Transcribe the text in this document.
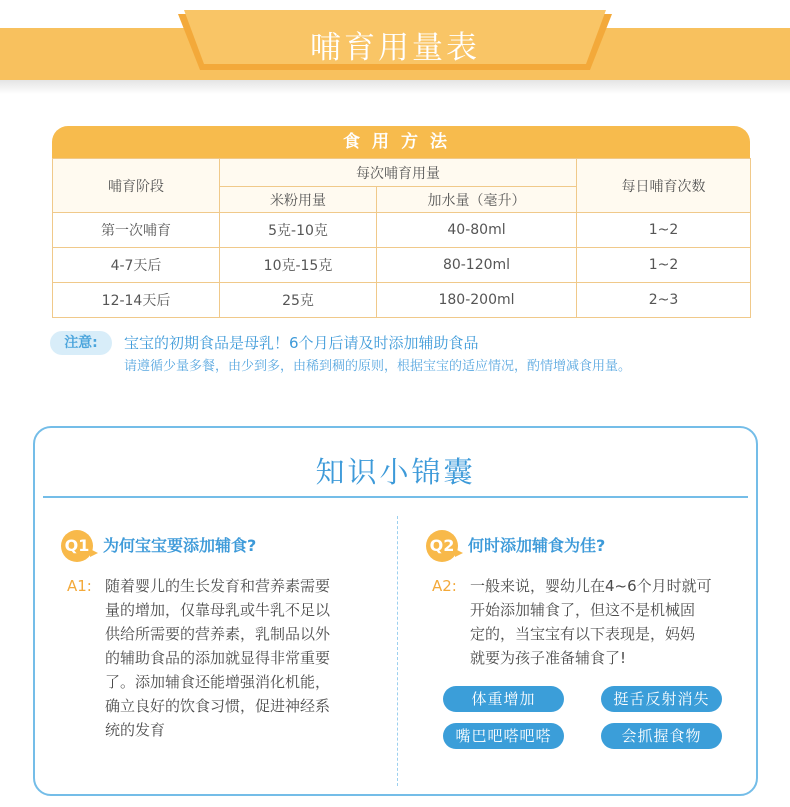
哺育用量表
食用方法
哺育阶段	每次哺育用量		每日哺育次数
	米粉用量	加水量（毫升）	
第一次哺育	5克-10克	40-80ml	1~2
4-7天后	10克-15克	80-120ml	1~2
12-14天后	25克	180-200ml	2~3
注意:	宝宝的初期食品是母乳！6个月后请及时添加辅助食品
请遵循少量多餐，由少到多，由稀到稠的原则，根据宝宝的适应情况，酌情增减食用量。
知识小锦囊
Q1 为何宝宝要添加辅食?
A1: 随着婴儿的生长发育和营养素需要
量的增加，仅靠母乳或牛乳不足以
供给所需要的营养素，乳制品以外
的辅助食品的添加就显得非常重要
了。添加辅食还能增强消化机能，
确立良好的饮食习惯，促进神经系
统的发育
Q2 何时添加辅食为佳?
A2: 一般来说，婴幼儿在4~6个月时就可
开始添加辅食了，但这不是机械固
定的，当宝宝有以下表现是，妈妈
就要为孩子准备辅食了!
体重增加	挺舌反射消失
嘴巴吧嗒吧嗒	会抓握食物
